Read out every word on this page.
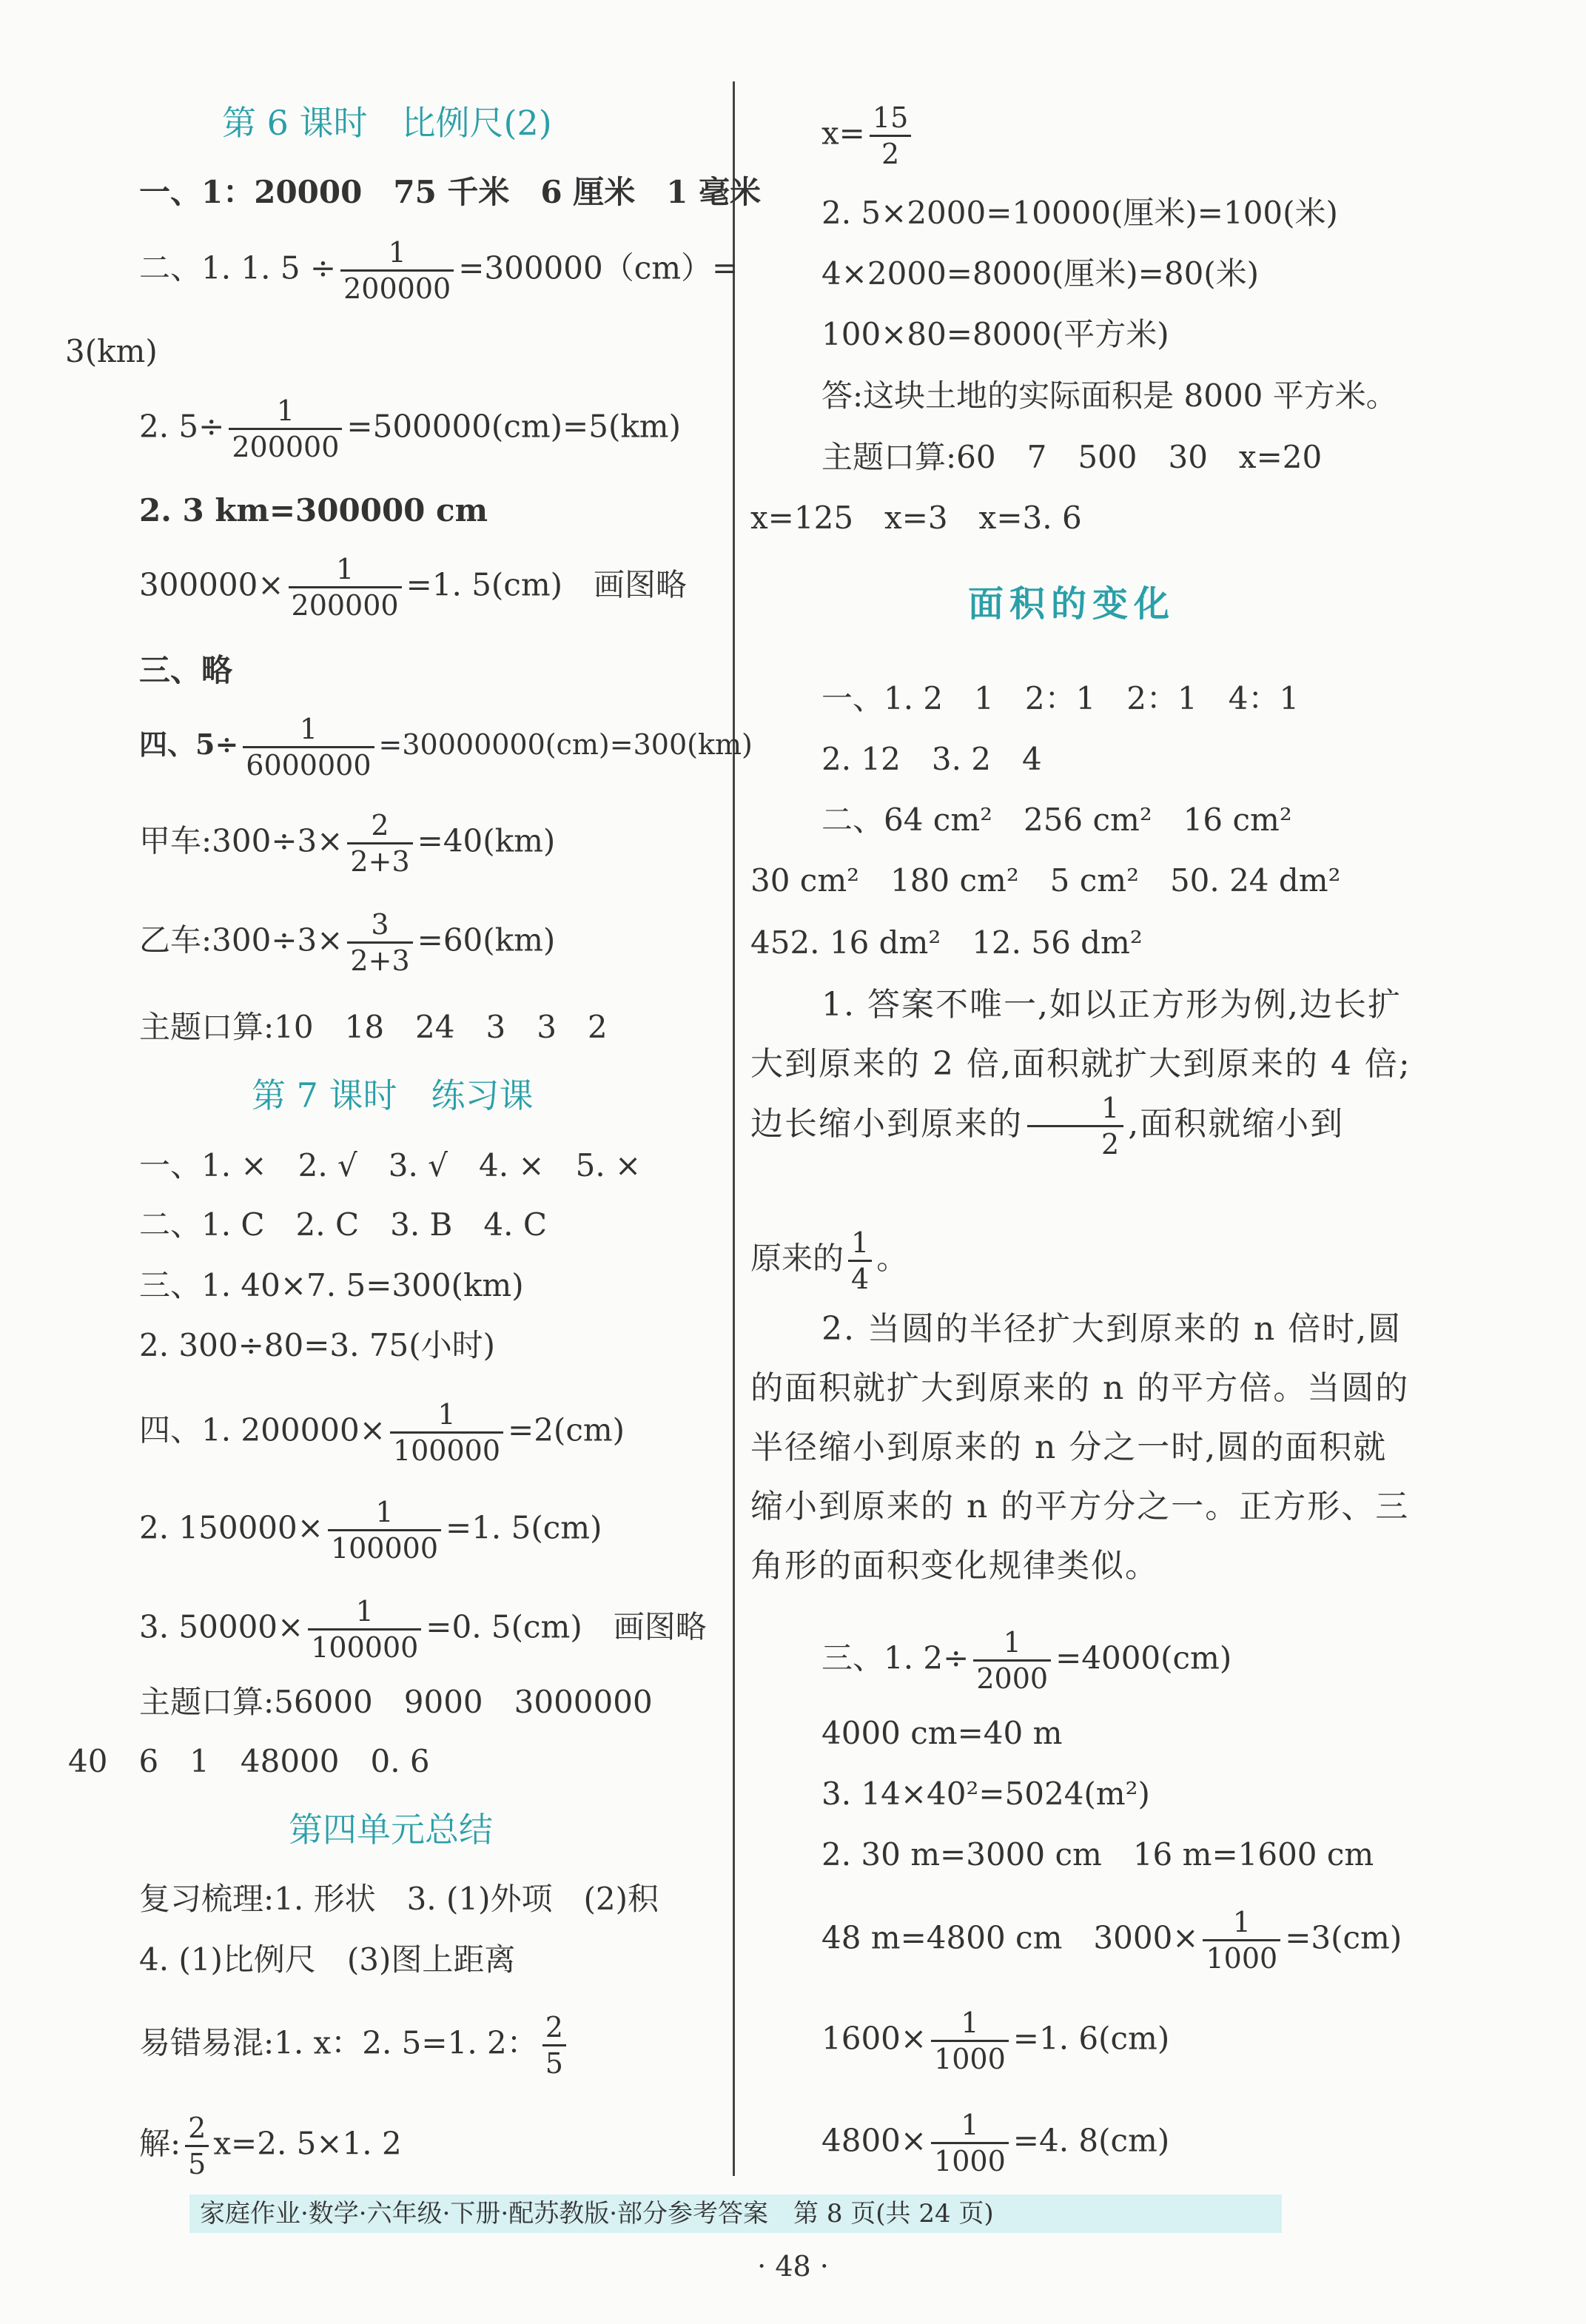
第 6 课时　比例尺(2)
一、1：20000　75 千米　6 厘米　1 毫米
二、1. 1. $5 \div \frac{1}{200000} =300000(cm)=$
3(km)
2. $5\div \frac{1}{200000} =500000(cm)=5(km)$
2. 3 km=300000 cm
$300000\times \frac{1}{200000} =1$. 5(cm)　画图略
三、略
四、$5\div \frac{1}{6000000} =30000000(cm)=300(km)$
甲车:300÷3× $\frac{2}{2+3} =40(km)$
乙车:300÷3× $\frac{3}{2+3} =60(km)$
主题口算:10　18　24　3　3　2
第 7 课时　练习课
一、1. ×　2. √　3. √　4. ×　5. ×
二、1. C　2. C　3. B　4. C
三、1. 40×7. 5=300(km)
2. 300÷80=3. 75(小时)
四、1. $200000\times \frac{1}{100000} =2(cm)$
2. $150000\times \frac{1}{100000} =1$. 5(cm)
3. $50000\times \frac{1}{100000} =0$. 5(cm)　画图略
主题口算:56000　9000　3000000
40　6　1　48000　0. 6
第四单元总结
复习梳理:1. 形状　3. (1)外项　(2)积
4. (1)比例尺　(3)图上距离
易错易混:1. x：2. 5=1. 2： $\frac{2}{5}$
解: $\frac{2}{5} x=2$. 5×1. 2
$x= \frac{15}{2}$
2. 5×2000=10000(厘米)=100(米)
4×2000=8000(厘米)=80(米)
100×80=8000(平方米)
答:这块土地的实际面积是 8000 平方米。
主题口算:60　7　500　30　x=20
x=125　x=3　x=3. 6
面积的变化
一、1. 2　1　2：1　2：1　4：1
2. 12　3. 2　4
二、64 cm²　256 cm²　16 cm²
30 cm²　180 cm²　5 cm²　50. 24 dm²
452. 16 dm²　12. 56 dm²
1. 答案不唯一,如以正方形为例,边长扩大到原来的 2 倍,面积就扩大到原来的 4 倍;边长缩小到原来的 $\frac{1}{2}$ ,面积就缩小到
原来的 $\frac{1}{4}$ 。
2. 当圆的半径扩大到原来的 n 倍时,圆的面积就扩大到原来的 n 的平方倍。当圆的半径缩小到原来的 n 分之一时,圆的面积就缩小到原来的 n 的平方分之一。正方形、三角形的面积变化规律类似。
三、1. $2\div \frac{1}{2000} =4000(cm)$
4000 cm=40 m
3. 14×40²=5024(m²)
2. 30 m=3000 cm　16 m=1600 cm
48 m=4800 cm　$3000\times \frac{1}{1000} =3(cm)$
$1600\times \frac{1}{1000} =1$. 6(cm)
$4800\times \frac{1}{1000} =4$. 8(cm)
家庭作业·数学·六年级·下册·配苏教版·部分参考答案　第 8 页(共 24 页)
· 48 ·
